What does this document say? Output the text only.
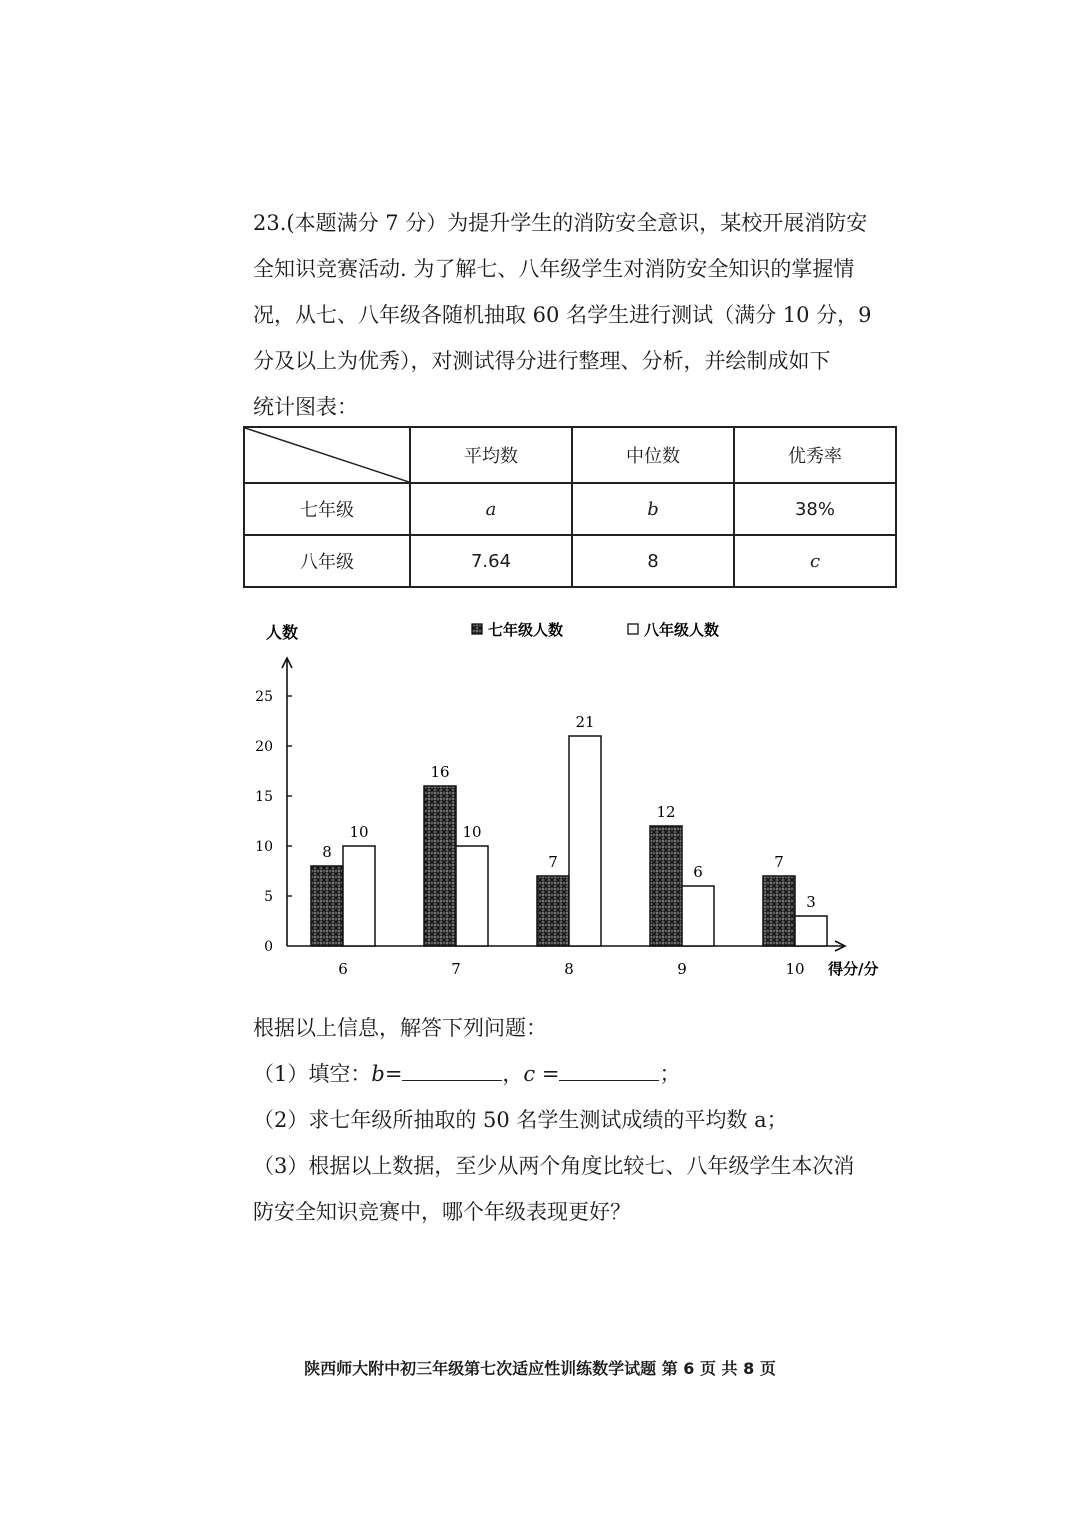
23.(本题满分 7 分）为提升学生的消防安全意识，某校开展消防安

全知识竞赛活动. 为了解七、八年级学生对消防安全知识的掌握情

况，从七、八年级各随机抽取 60 名学生进行测试（满分 10 分，9

分及以上为优秀），对测试得分进行整理、分析，并绘制成如下

统计图表：

	平均数	中位数	优秀率
七年级	a	b	38%
八年级	7.64	8	c
人数
得分/分
0
5
10
15
20
25
七年级人数	八年级人数
8
10
6
16
10
7
7
21
8
12
6
9
7
3
10

根据以上信息，解答下列问题：

（1）填空：b=	，c =	；

（2）求七年级所抽取的 50 名学生测试成绩的平均数 a；

（3）根据以上数据，至少从两个角度比较七、八年级学生本次消

防安全知识竞赛中，哪个年级表现更好？

陕西师大附中初三年级第七次适应性训练数学试题 第 6 页 共 8 页
